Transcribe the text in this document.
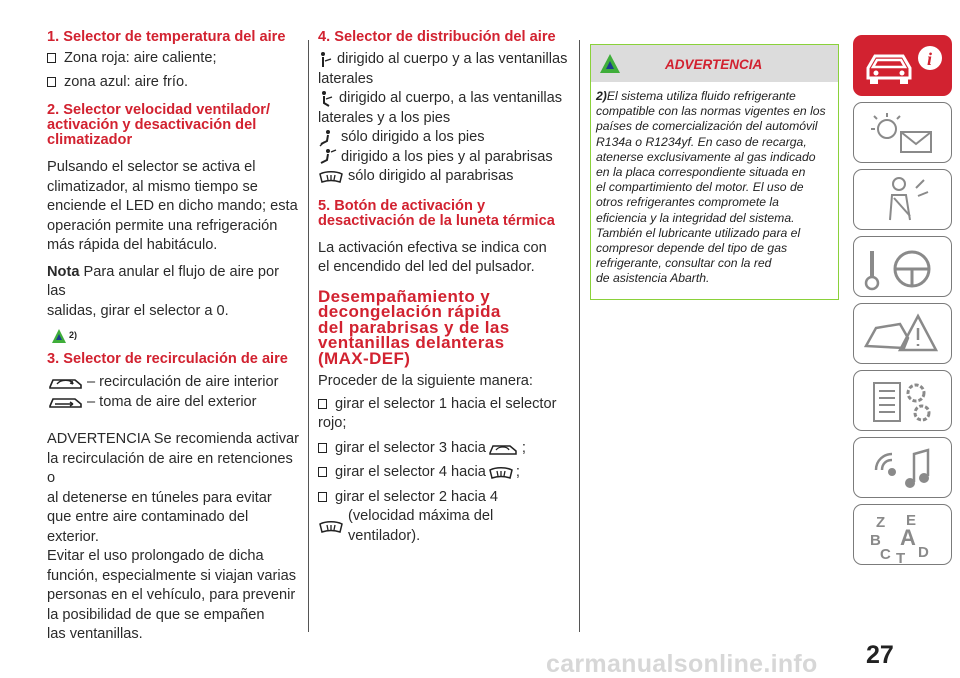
1. Selector de temperatura del aire
Zona roja: aire caliente;
zona azul: aire frío.
2. Selector velocidad ventilador/
activación y desactivación del
climatizador
Pulsando el selector se activa el
climatizador, al mismo tiempo se
enciende el LED en dicho mando; esta
operación permite una refrigeración
más rápida del habitáculo.
Nota Para anular el flujo de aire por las
salidas, girar el selector a 0.
2)
3. Selector de recirculación de aire
– recirculación de aire interior
– toma de aire del exterior
ADVERTENCIA Se recomienda activar
la recirculación de aire en retenciones o
al detenerse en túneles para evitar
que entre aire contaminado del exterior.
Evitar el uso prolongado de dicha
función, especialmente si viajan varias
personas en el vehículo, para prevenir
la posibilidad de que se empañen
las ventanillas.
4. Selector de distribución del aire
dirigido al cuerpo y a las ventanillas
laterales
dirigido al cuerpo, a las ventanillas
laterales y a los pies
sólo dirigido a los pies
dirigido a los pies y al parabrisas
sólo dirigido al parabrisas
5. Botón de activación y
desactivación de la luneta térmica
La activación efectiva se indica con
el encendido del led del pulsador.
Desempañamiento y
decongelación rápida
del parabrisas y de las
ventanillas delanteras
(MAX-DEF)
Proceder de la siguiente manera:
girar el selector 1 hacia el selector
rojo;
girar el selector 3 hacia ;
girar el selector 4 hacia ;
girar el selector 2 hacia 4
(velocidad máxima del ventilador).
ADVERTENCIA
2)El sistema utiliza fluido refrigerante
compatible con las normas vigentes en los
países de comercialización del automóvil
R134a o R1234yf. En caso de recarga,
atenerse exclusivamente al gas indicado
en la placa correspondiente situada en
el compartimiento del motor. El uso de
otros refrigerantes compromete la
eficiencia y la integridad del sistema.
También el lubricante utilizado para el
compresor depende del tipo de gas
refrigerante, consultar con la red
de asistencia Abarth.
i
Z E
B A
C T D
carmanualsonline.info 27
